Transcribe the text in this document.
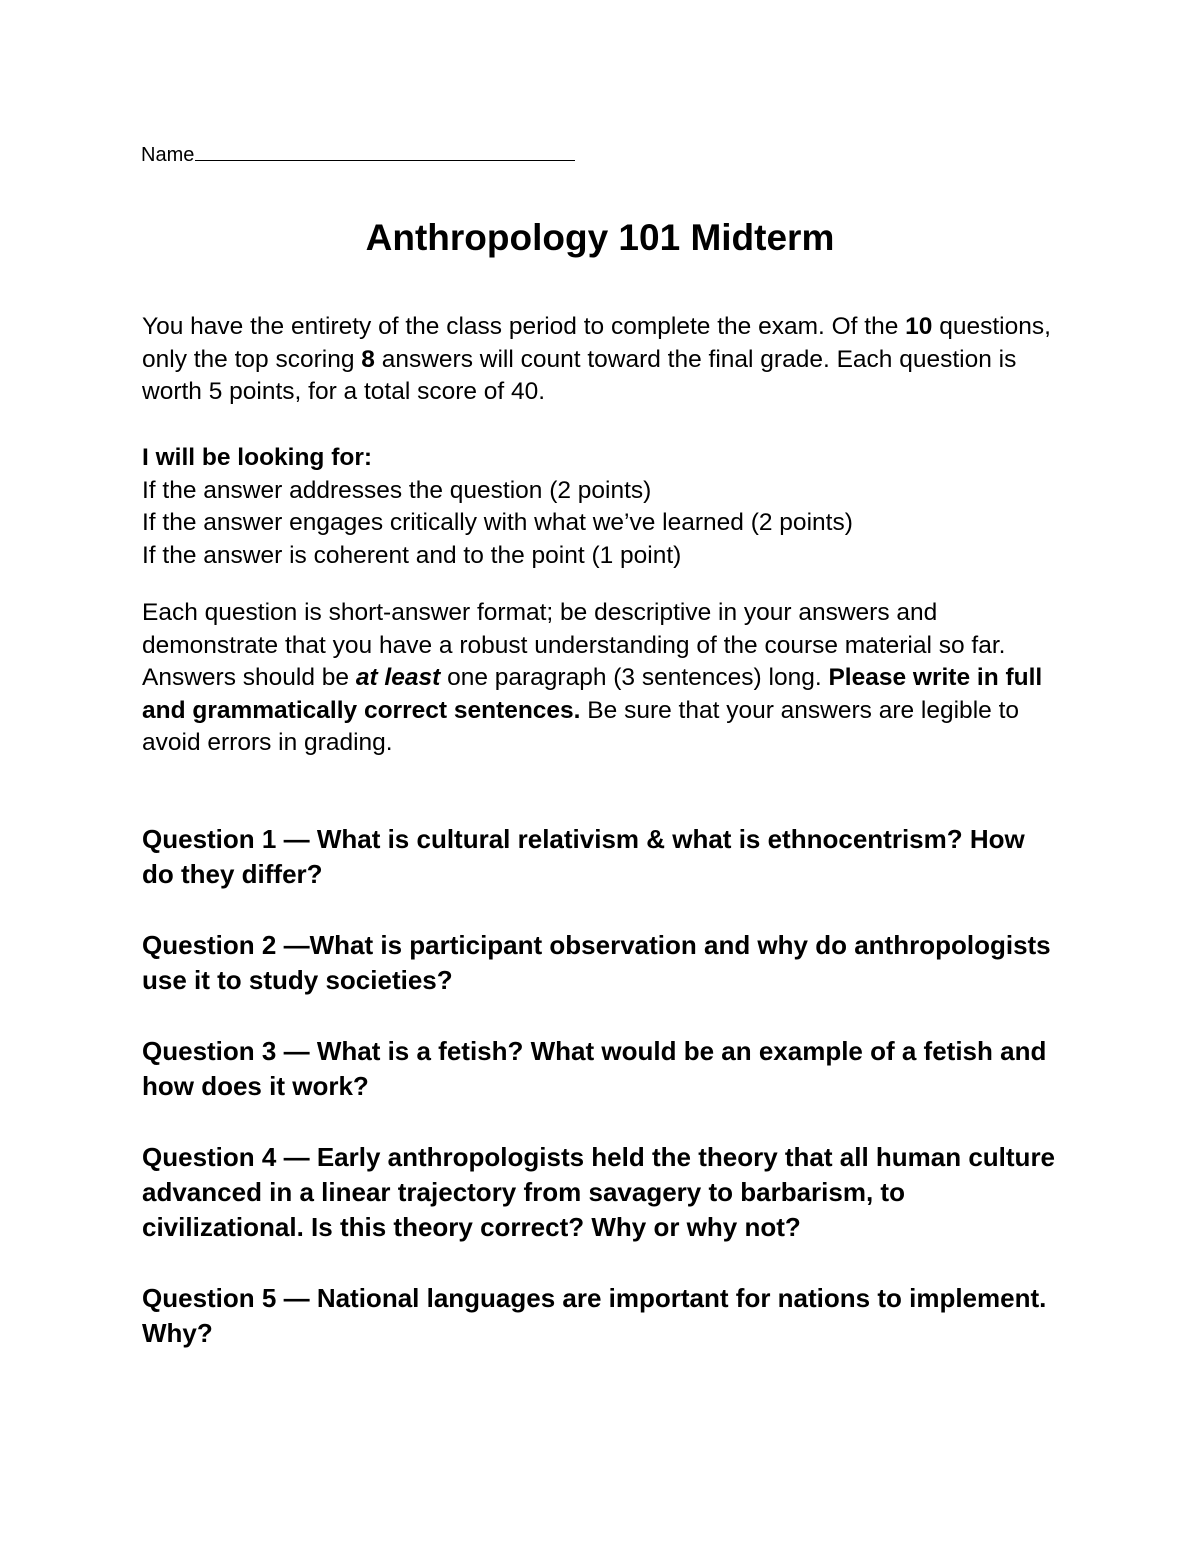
Name
Anthropology 101 Midterm

You have the entirety of the class period to complete the exam. Of the 10 questions, only the top scoring 8 answers will count toward the final grade. Each question is worth 5 points, for a total score of 40.

I will be looking for:

If the answer addresses the question (2 points)

If the answer engages critically with what we’ve learned (2 points)

If the answer is coherent and to the point (1 point)

Each question is short-answer format; be descriptive in your answers and demonstrate that you have a robust understanding of the course material so far. Answers should be at least one paragraph (3 sentences) long. Please write in full and grammatically correct sentences. Be sure that your answers are legible to avoid errors in grading.

Question 1 — What is cultural relativism & what is ethnocentrism? How do they differ?

Question 2 —What is participant observation and why do anthropologists use it to study societies?

Question 3 — What is a fetish? What would be an example of a fetish and how does it work?

Question 4 — Early anthropologists held the theory that all human culture advanced in a linear trajectory from savagery to barbarism, to civilizational. Is this theory correct? Why or why not?

Question 5 — National languages are important for nations to implement. Why?
